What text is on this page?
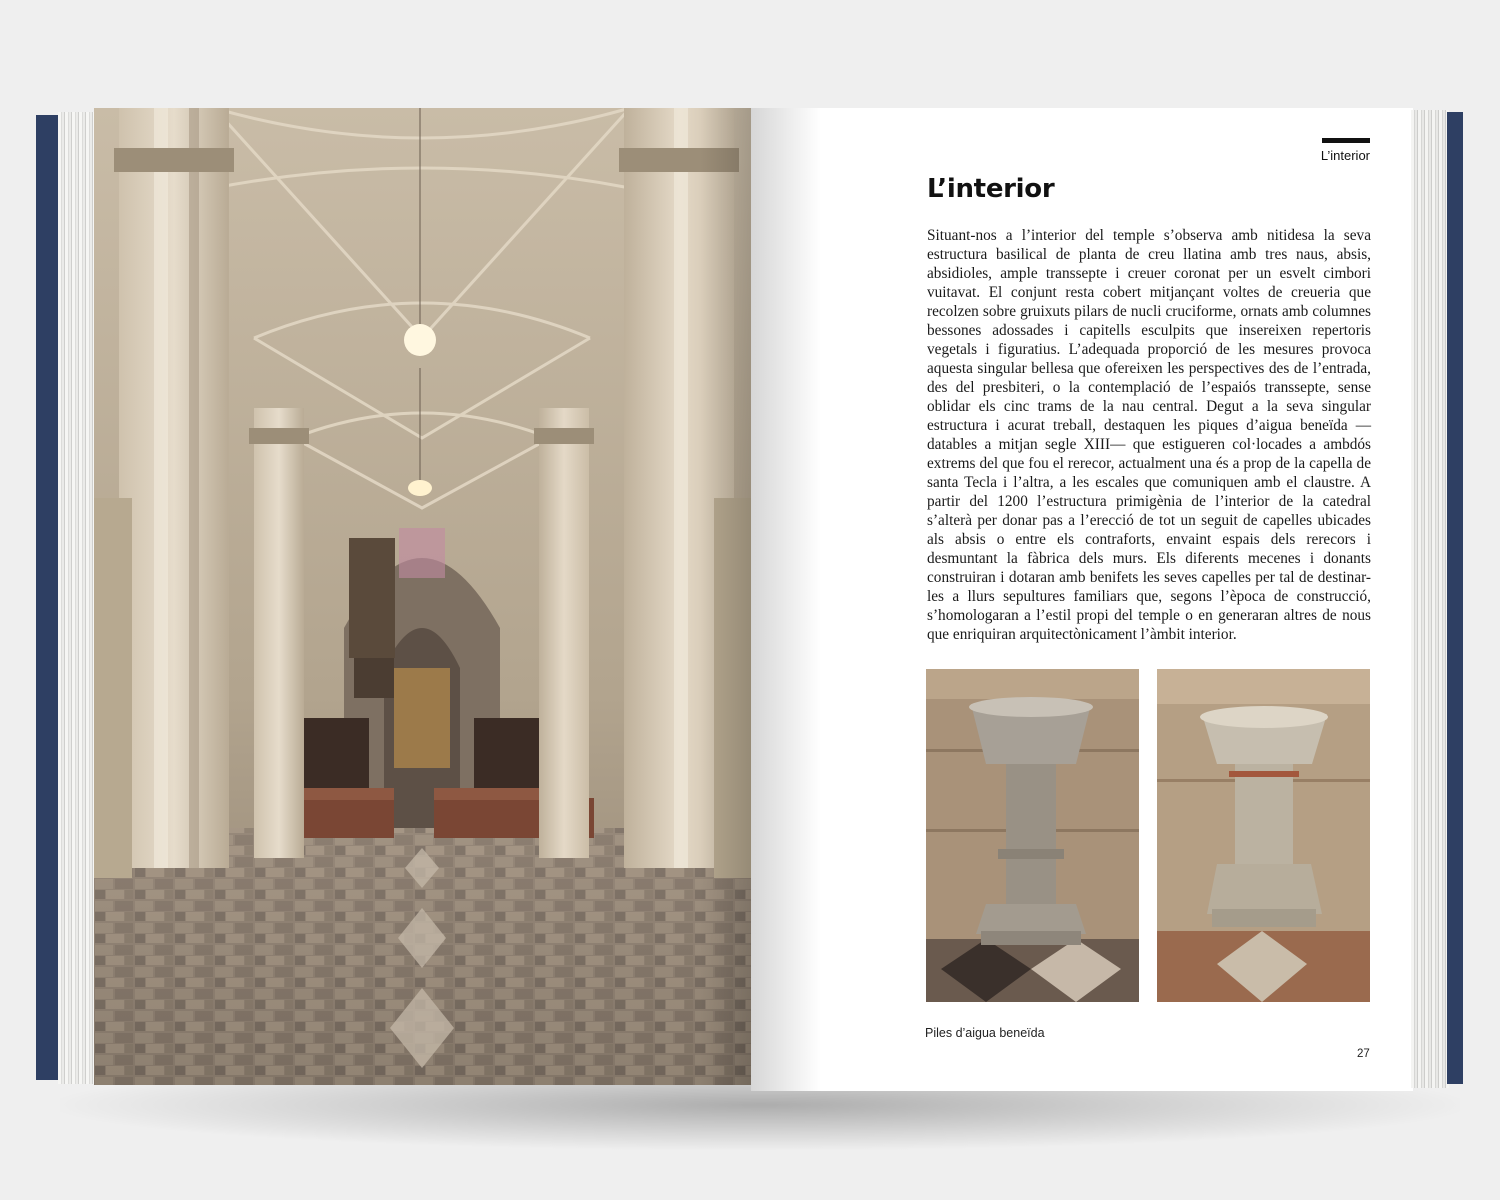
L’interior
L’interior

Situant-nos a l’interior del temple s’observa amb nitidesa la seva estructura basilical de planta de creu llatina amb tres naus, absis, absidioles, ample transsepte i creuer coronat per un esvelt cimbori vuitavat. El conjunt resta cobert mitjançant voltes de creueria que recolzen sobre gruixuts pilars de nucli cruciforme, ornats amb columnes bessones adossades i capitells esculpits que insereixen repertoris vegetals i figuratius. L’adequada proporció de les mesures provoca aquesta singular bellesa que ofereixen les perspectives des de l’entrada, des del presbiteri, o la contemplació de l’espaiós transsepte, sense oblidar els cinc trams de la nau central. Degut a la seva singular estructura i acurat treball, destaquen les piques d’aigua beneïda —datables a mitjan segle XIII— que estigueren col·locades a ambdós extrems del que fou el rerecor, actualment una és a prop de la capella de santa Tecla i l’altra, a les escales que comuniquen amb el claustre. A partir del 1200 l’estructura primigènia de l’interior de la catedral s’alterà per donar pas a l’erecció de tot un seguit de capelles ubicades als absis o entre els contraforts, envaint espais dels rerecors i desmuntant la fàbrica dels murs. Els diferents mecenes i donants construiran i dotaran amb benifets les seves capelles per tal de destinar-les a llurs sepultures familiars que, segons l’època de construcció, s’homologaran a l’estil propi del temple o en generaran altres de nous que enriquiran arquitectònicament l’àmbit interior.

Piles d’aigua beneïda
27
